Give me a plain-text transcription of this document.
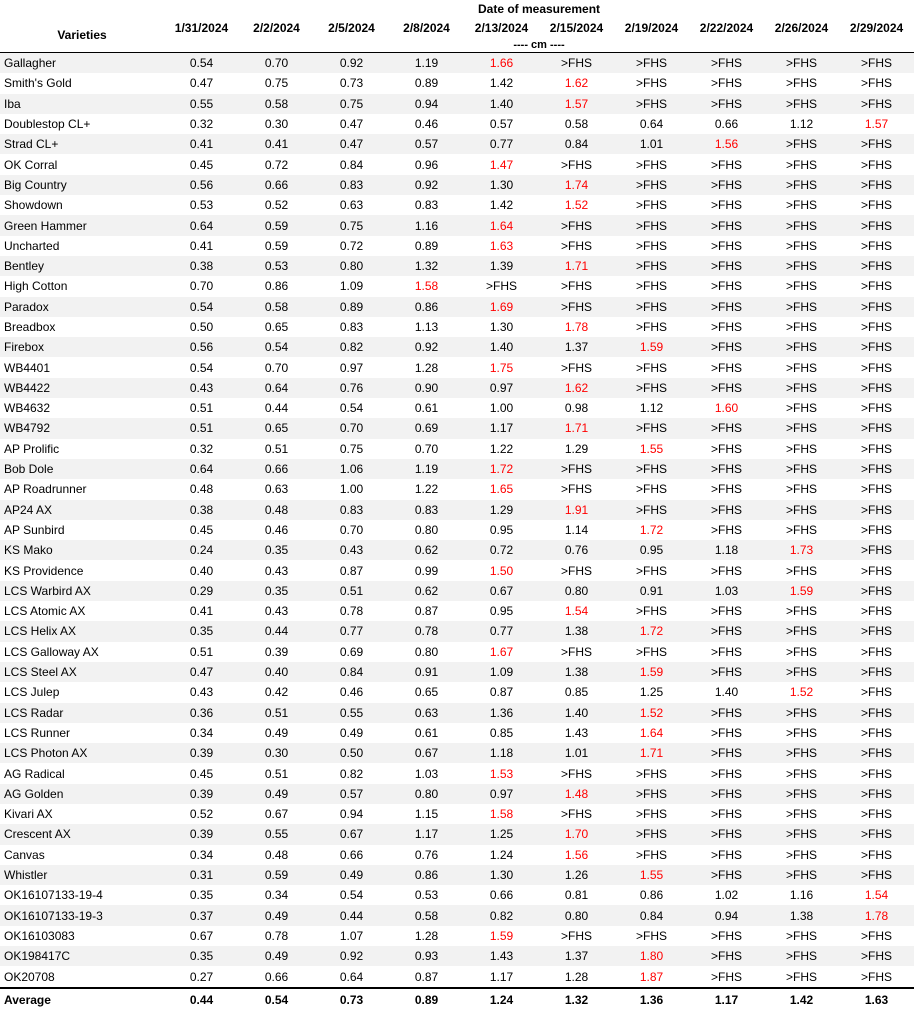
	Date of measurement									
Varieties	1/31/2024	2/2/2024	2/5/2024	2/8/2024	2/13/2024	2/15/2024	2/19/2024	2/22/2024	2/26/2024	2/29/2024
	---- cm ----									
Gallagher	0.54	0.70	0.92	1.19	1.66	>FHS	>FHS	>FHS	>FHS	>FHS
Smith's Gold	0.47	0.75	0.73	0.89	1.42	1.62	>FHS	>FHS	>FHS	>FHS
Iba	0.55	0.58	0.75	0.94	1.40	1.57	>FHS	>FHS	>FHS	>FHS
Doublestop CL+	0.32	0.30	0.47	0.46	0.57	0.58	0.64	0.66	1.12	1.57
Strad CL+	0.41	0.41	0.47	0.57	0.77	0.84	1.01	1.56	>FHS	>FHS
OK Corral	0.45	0.72	0.84	0.96	1.47	>FHS	>FHS	>FHS	>FHS	>FHS
Big Country	0.56	0.66	0.83	0.92	1.30	1.74	>FHS	>FHS	>FHS	>FHS
Showdown	0.53	0.52	0.63	0.83	1.42	1.52	>FHS	>FHS	>FHS	>FHS
Green Hammer	0.64	0.59	0.75	1.16	1.64	>FHS	>FHS	>FHS	>FHS	>FHS
Uncharted	0.41	0.59	0.72	0.89	1.63	>FHS	>FHS	>FHS	>FHS	>FHS
Bentley	0.38	0.53	0.80	1.32	1.39	1.71	>FHS	>FHS	>FHS	>FHS
High Cotton	0.70	0.86	1.09	1.58	>FHS	>FHS	>FHS	>FHS	>FHS	>FHS
Paradox	0.54	0.58	0.89	0.86	1.69	>FHS	>FHS	>FHS	>FHS	>FHS
Breadbox	0.50	0.65	0.83	1.13	1.30	1.78	>FHS	>FHS	>FHS	>FHS
Firebox	0.56	0.54	0.82	0.92	1.40	1.37	1.59	>FHS	>FHS	>FHS
WB4401	0.54	0.70	0.97	1.28	1.75	>FHS	>FHS	>FHS	>FHS	>FHS
WB4422	0.43	0.64	0.76	0.90	0.97	1.62	>FHS	>FHS	>FHS	>FHS
WB4632	0.51	0.44	0.54	0.61	1.00	0.98	1.12	1.60	>FHS	>FHS
WB4792	0.51	0.65	0.70	0.69	1.17	1.71	>FHS	>FHS	>FHS	>FHS
AP Prolific	0.32	0.51	0.75	0.70	1.22	1.29	1.55	>FHS	>FHS	>FHS
Bob Dole	0.64	0.66	1.06	1.19	1.72	>FHS	>FHS	>FHS	>FHS	>FHS
AP Roadrunner	0.48	0.63	1.00	1.22	1.65	>FHS	>FHS	>FHS	>FHS	>FHS
AP24 AX	0.38	0.48	0.83	0.83	1.29	1.91	>FHS	>FHS	>FHS	>FHS
AP Sunbird	0.45	0.46	0.70	0.80	0.95	1.14	1.72	>FHS	>FHS	>FHS
KS Mako	0.24	0.35	0.43	0.62	0.72	0.76	0.95	1.18	1.73	>FHS
KS Providence	0.40	0.43	0.87	0.99	1.50	>FHS	>FHS	>FHS	>FHS	>FHS
LCS Warbird AX	0.29	0.35	0.51	0.62	0.67	0.80	0.91	1.03	1.59	>FHS
LCS Atomic AX	0.41	0.43	0.78	0.87	0.95	1.54	>FHS	>FHS	>FHS	>FHS
LCS Helix AX	0.35	0.44	0.77	0.78	0.77	1.38	1.72	>FHS	>FHS	>FHS
LCS Galloway AX	0.51	0.39	0.69	0.80	1.67	>FHS	>FHS	>FHS	>FHS	>FHS
LCS Steel AX	0.47	0.40	0.84	0.91	1.09	1.38	1.59	>FHS	>FHS	>FHS
LCS Julep	0.43	0.42	0.46	0.65	0.87	0.85	1.25	1.40	1.52	>FHS
LCS Radar	0.36	0.51	0.55	0.63	1.36	1.40	1.52	>FHS	>FHS	>FHS
LCS Runner	0.34	0.49	0.49	0.61	0.85	1.43	1.64	>FHS	>FHS	>FHS
LCS Photon AX	0.39	0.30	0.50	0.67	1.18	1.01	1.71	>FHS	>FHS	>FHS
AG Radical	0.45	0.51	0.82	1.03	1.53	>FHS	>FHS	>FHS	>FHS	>FHS
AG Golden	0.39	0.49	0.57	0.80	0.97	1.48	>FHS	>FHS	>FHS	>FHS
Kivari AX	0.52	0.67	0.94	1.15	1.58	>FHS	>FHS	>FHS	>FHS	>FHS
Crescent AX	0.39	0.55	0.67	1.17	1.25	1.70	>FHS	>FHS	>FHS	>FHS
Canvas	0.34	0.48	0.66	0.76	1.24	1.56	>FHS	>FHS	>FHS	>FHS
Whistler	0.31	0.59	0.49	0.86	1.30	1.26	1.55	>FHS	>FHS	>FHS
OK16107133-19-4	0.35	0.34	0.54	0.53	0.66	0.81	0.86	1.02	1.16	1.54
OK16107133-19-3	0.37	0.49	0.44	0.58	0.82	0.80	0.84	0.94	1.38	1.78
OK16103083	0.67	0.78	1.07	1.28	1.59	>FHS	>FHS	>FHS	>FHS	>FHS
OK198417C	0.35	0.49	0.92	0.93	1.43	1.37	1.80	>FHS	>FHS	>FHS
OK20708	0.27	0.66	0.64	0.87	1.17	1.28	1.87	>FHS	>FHS	>FHS
Average	0.44	0.54	0.73	0.89	1.24	1.32	1.36	1.17	1.42	1.63
